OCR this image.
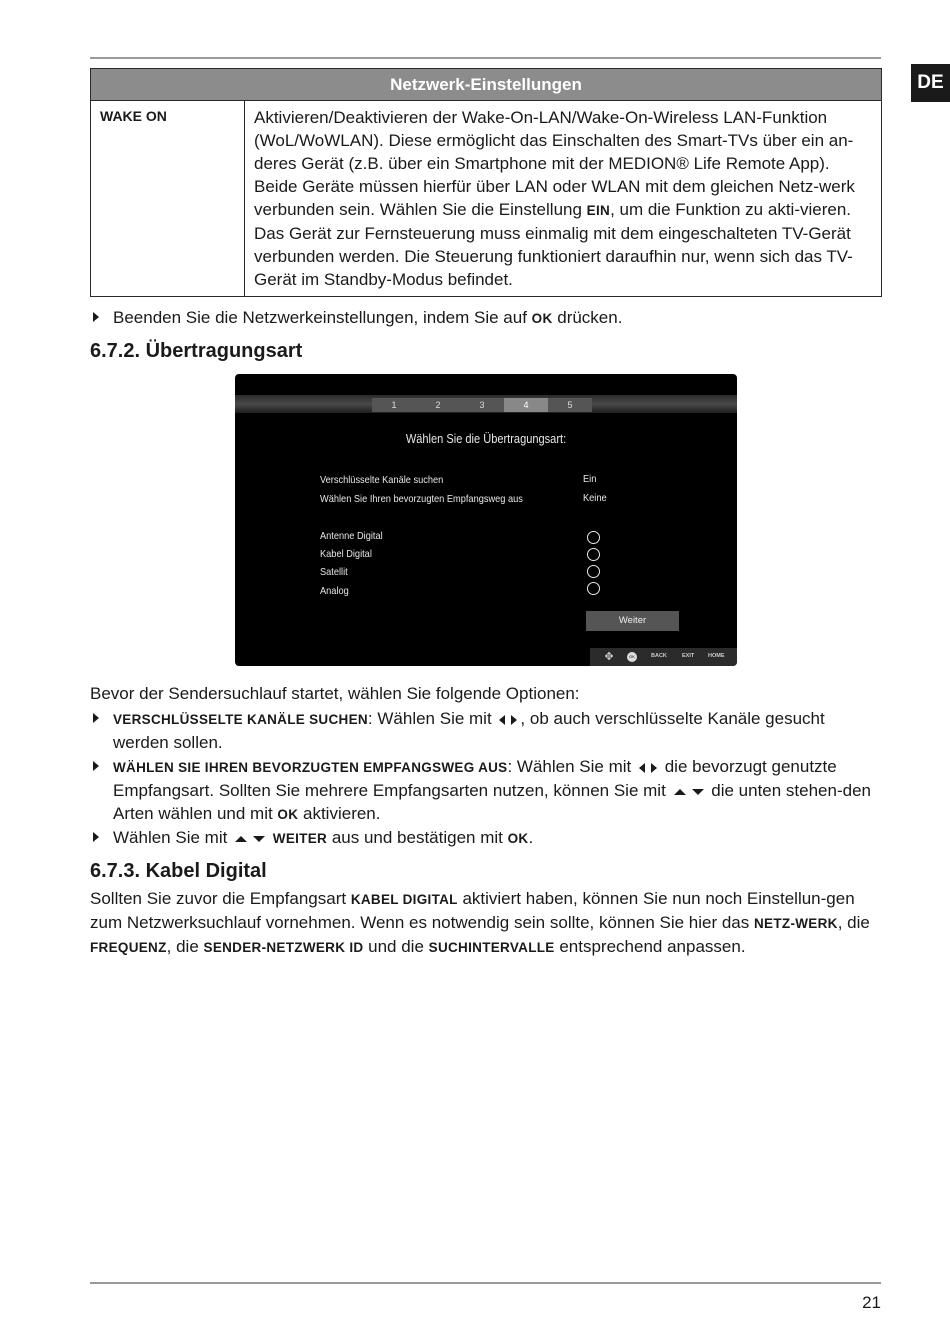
DE
Netzwerk-Einstellungen
WAKE ON	Aktivieren/Deaktivieren der Wake-On-LAN/Wake-On-Wireless LAN-Funktion (WoL/WoWLAN). Diese ermöglicht das Einschalten des Smart-TVs über ein an-deres Gerät (z.B. über ein Smartphone mit der MEDION® Life Remote App). Beide Geräte müssen hierfür über LAN oder WLAN mit dem gleichen Netz-werk verbunden sein. Wählen Sie die Einstellung EIN, um die Funktion zu akti-vieren. Das Gerät zur Fernsteuerung muss einmalig mit dem eingeschalteten TV-Gerät verbunden werden. Die Steuerung funktioniert daraufhin nur, wenn sich das TV-Gerät im Standby-Modus befindet.
Beenden Sie die Netzwerkeinstellungen, indem Sie auf OK drücken.
6.7.2. Übertragungsart
1	2	3	4	5
Wählen Sie die Übertragungsart:
Verschlüsselte Kanäle suchen	Ein
Wählen Sie Ihren bevorzugten Empfangsweg aus	Keine
Antenne Digital
Kabel Digital
Satellit
Analog
Weiter
✥	OK	BACK	EXIT	HOME
Bevor der Sendersuchlauf startet, wählen Sie folgende Optionen:
VERSCHLÜSSELTE KANÄLE SUCHEN: Wählen Sie mit , ob auch verschlüsselte Kanäle gesucht werden sollen.
WÄHLEN SIE IHREN BEVORZUGTEN EMPFANGSWEG AUS: Wählen Sie mit  die bevorzugt genutzte Empfangsart. Sollten Sie mehrere Empfangsarten nutzen, können Sie mit  die unten stehen-den Arten wählen und mit OK aktivieren.
Wählen Sie mit	WEITER aus und bestätigen mit OK.
6.7.3. Kabel Digital
Sollten Sie zuvor die Empfangsart KABEL DIGITAL aktiviert haben, können Sie nun noch Einstellun-gen zum Netzwerksuchlauf vornehmen. Wenn es notwendig sein sollte, können Sie hier das NETZ-WERK, die FREQUENZ, die SENDER-NETZWERK ID und die SUCHINTERVALLE entsprechend anpassen.
21
